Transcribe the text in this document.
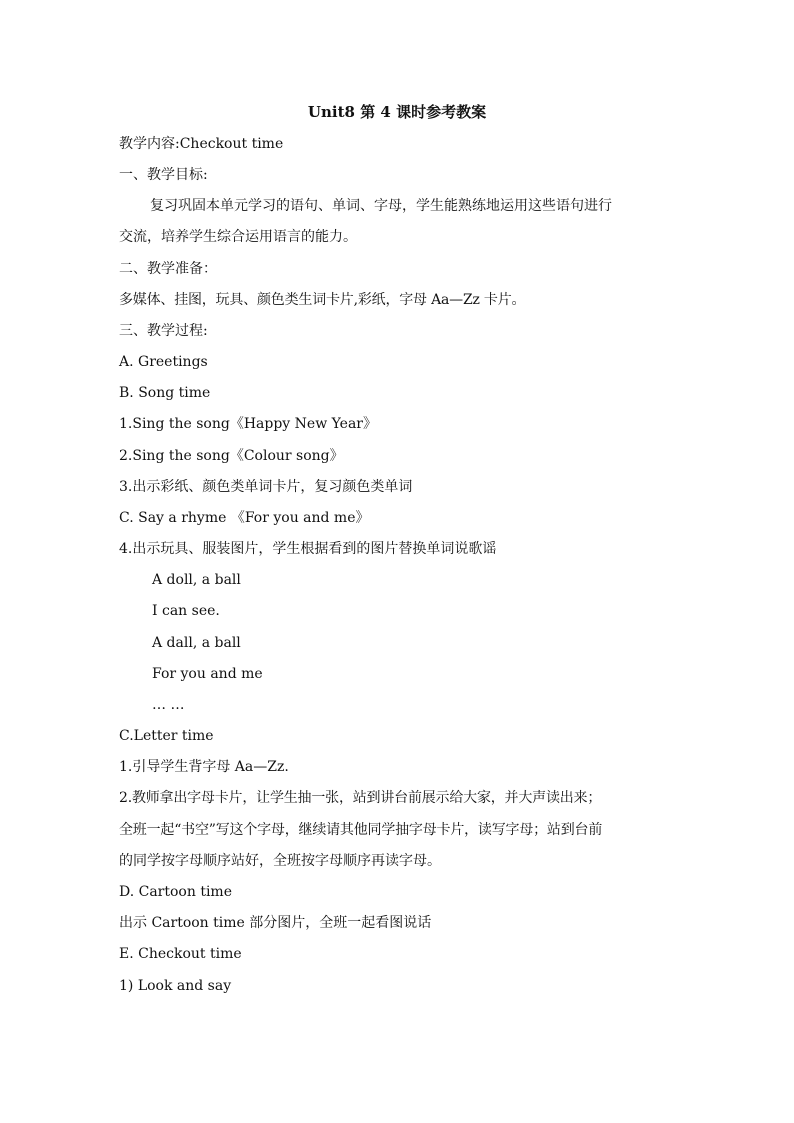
Unit8 第 4 课时参考教案
教学内容:Checkout time
一、教学目标:
复习巩固本单元学习的语句、单词、字母，学生能熟练地运用这些语句进行
交流，培养学生综合运用语言的能力。
二、教学准备：
多媒体、挂图，玩具、颜色类生词卡片,彩纸，字母 Aa—Zz 卡片。
三、教学过程:
A. Greetings
B. Song time
1.Sing the song《Happy New Year》
2.Sing the song《Colour song》
3.出示彩纸、颜色类单词卡片，复习颜色类单词
C. Say a rhyme 《For you and me》
4.出示玩具、服装图片，学生根据看到的图片替换单词说歌谣
A doll, a ball
I can see.
A dall, a ball
For you and me
… …
C.Letter time
1.引导学生背字母 Aa—Zz.
2.教师拿出字母卡片，让学生抽一张，站到讲台前展示给大家，并大声读出来；
全班一起“书空”写这个字母，继续请其他同学抽字母卡片，读写字母；站到台前
的同学按字母顺序站好，全班按字母顺序再读字母。
D. Cartoon time
出示 Cartoon time 部分图片，全班一起看图说话
E. Checkout time
1) Look and say
